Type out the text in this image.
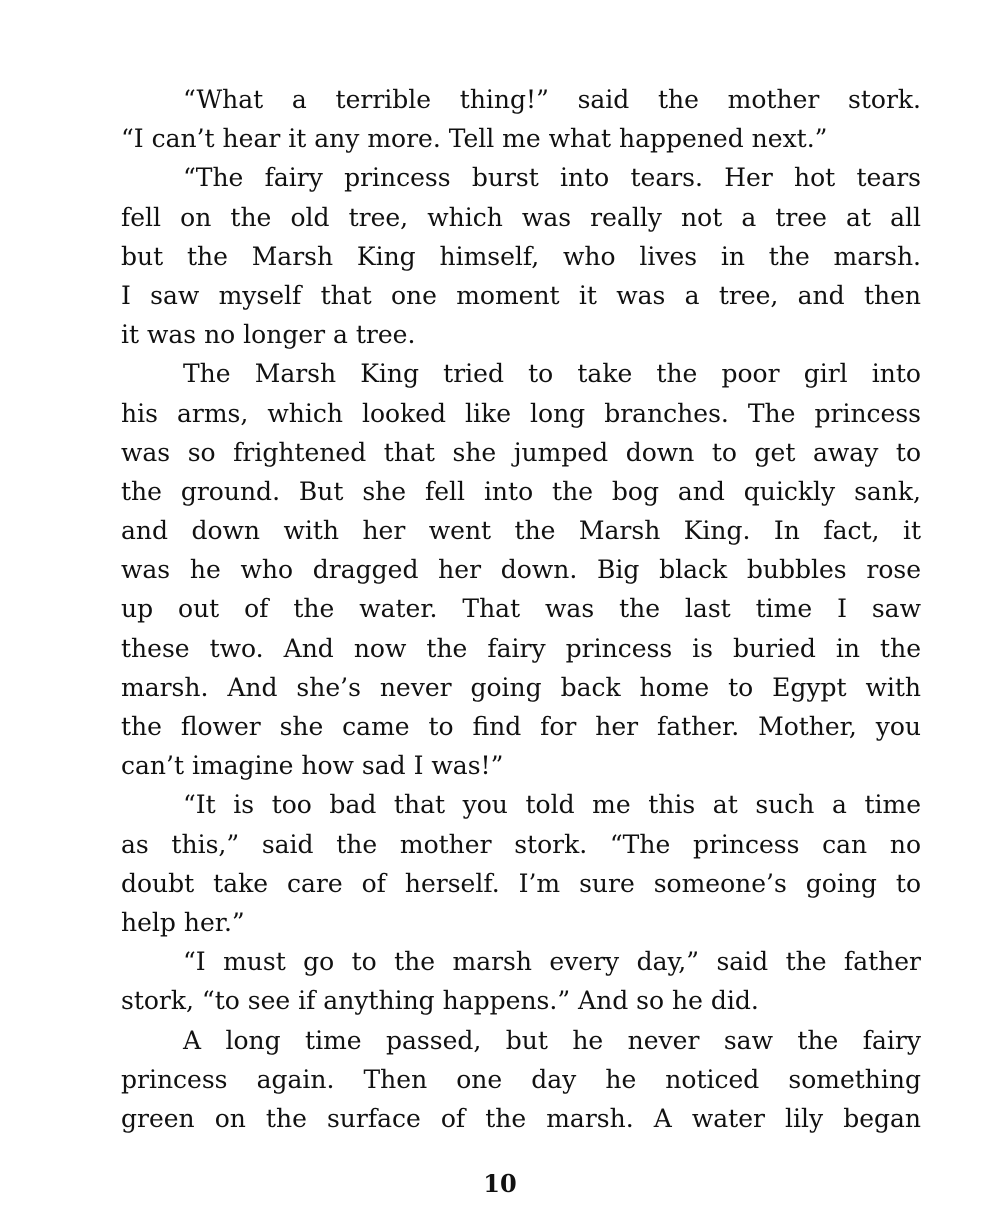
“What a terrible thing!” said the mother stork.
“I can’t hear it any more. Tell me what happened next.”
“The fairy princess burst into tears. Her hot tears
fell on the old tree, which was really not a tree at all
but the Marsh King himself, who lives in the marsh.
I saw myself that one moment it was a tree, and then
it was no longer a tree.
The Marsh King tried to take the poor girl into
his arms, which looked like long branches. The princess
was so frightened that she jumped down to get away to
the ground. But she fell into the bog and quickly sank,
and down with her went the Marsh King. In fact, it
was he who dragged her down. Big black bubbles rose
up out of the water. That was the last time I saw
these two. And now the fairy princess is buried in the
marsh. And she’s never going back home to Egypt with
the flower she came to find for her father. Mother, you
can’t imagine how sad I was!”
“It is too bad that you told me this at such a time
as this,” said the mother stork. “The princess can no
doubt take care of herself. I’m sure someone’s going to
help her.”
“I must go to the marsh every day,” said the father
stork, “to see if anything happens.” And so he did.
A long time passed, but he never saw the fairy
princess again. Then one day he noticed something
green on the surface of the marsh. A water lily began
10
